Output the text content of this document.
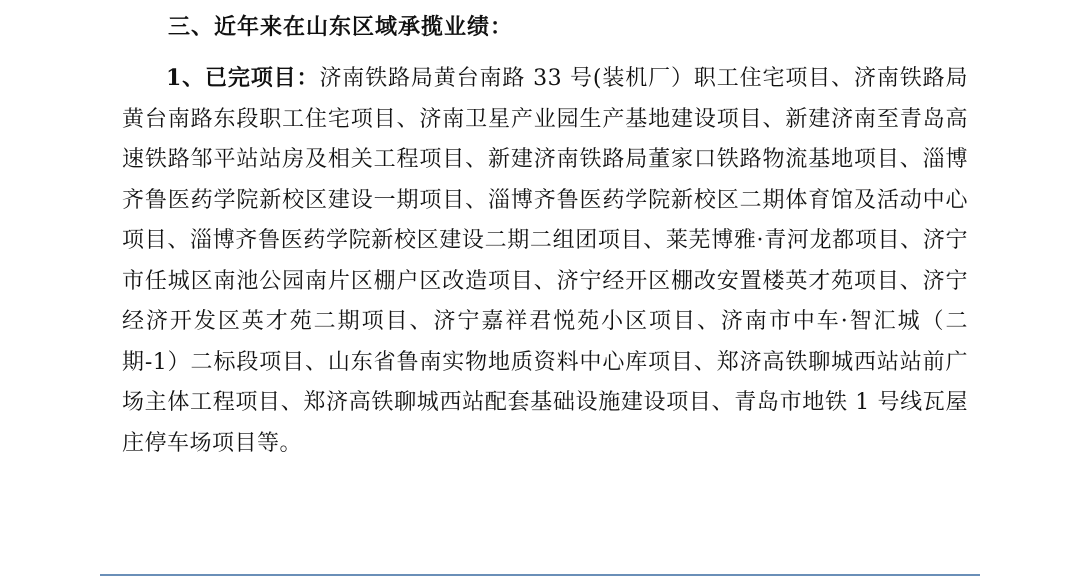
三、近年来在山东区域承揽业绩：

1、已完项目：济南铁路局黄台南路 33 号(装机厂）职工住宅项目、济南铁路局黄台南路东段职工住宅项目、济南卫星产业园生产基地建设项目、新建济南至青岛高速铁路邹平站站房及相关工程项目、新建济南铁路局董家口铁路物流基地项目、淄博齐鲁医药学院新校区建设一期项目、淄博齐鲁医药学院新校区二期体育馆及活动中心项目、淄博齐鲁医药学院新校区建设二期二组团项目、莱芜博雅·青河龙都项目、济宁市任城区南池公园南片区棚户区改造项目、济宁经开区棚改安置楼英才苑项目、济宁经济开发区英才苑二期项目、济宁嘉祥君悦苑小区项目、济南市中车·智汇城（二期-1）二标段项目、山东省鲁南实物地质资料中心库项目、郑济高铁聊城西站站前广场主体工程项目、郑济高铁聊城西站配套基础设施建设项目、青岛市地铁 1 号线瓦屋庄停车场项目等。
